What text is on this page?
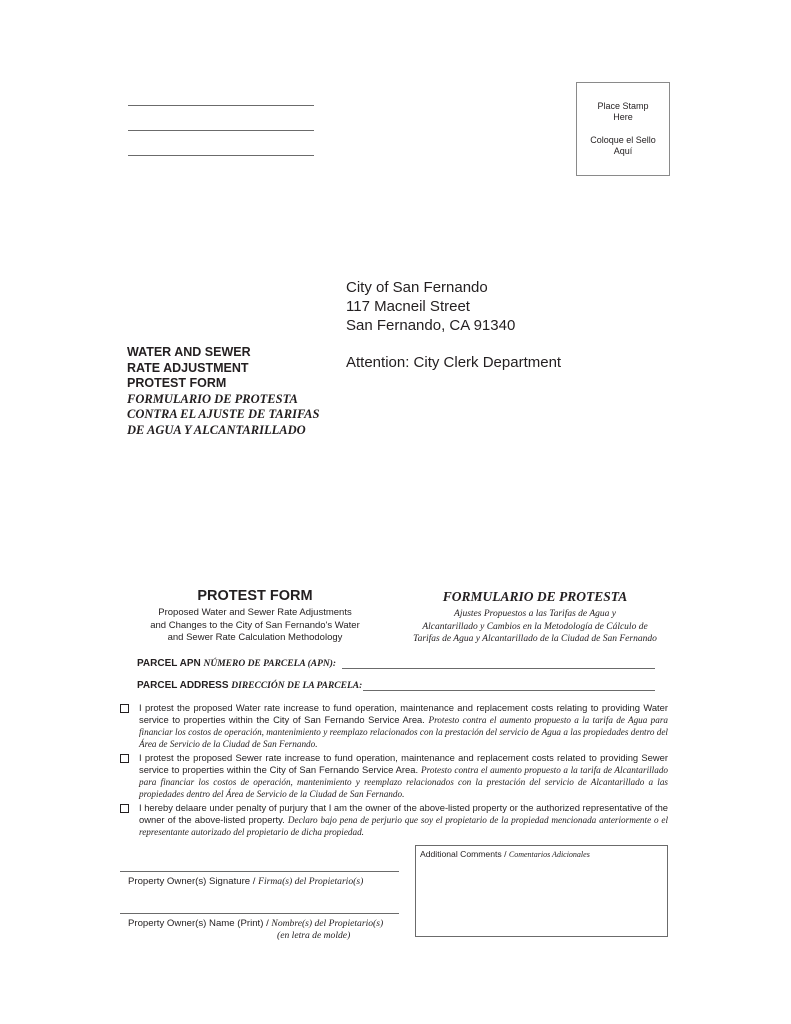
Place Stamp
Here
Coloque el Sello
Aquí
City of San Fernando
117 Macneil Street
San Fernando, CA 91340
Attention: City Clerk Department
WATER AND SEWER
RATE ADJUSTMENT
PROTEST FORM
FORMULARIO DE PROTESTA
CONTRA EL AJUSTE DE TARIFAS
DE AGUA Y ALCANTARILLADO
PROTEST FORM
Proposed Water and Sewer Rate Adjustments
and Changes to the City of San Fernando's Water
and Sewer Rate Calculation Methodology
FORMULARIO DE PROTESTA
Ajustes Propuestos a las Tarifas de Agua y
Alcantarillado y Cambios en la Metodología de Cálculo de
Tarifas de Agua y Alcantarillado de la Ciudad de San Fernando
PARCEL APN NÚMERO DE PARCELA (APN):
PARCEL ADDRESS DIRECCIÓN DE LA PARCELA:
I protest the proposed Water rate increase to fund operation, maintenance and replacement costs relating to providing Water service to properties within the City of San Fernando Service Area. Protesto contra el aumento propuesto a la tarifa de Agua para financiar los costos de operación, mantenimiento y reemplazo relacionados con la prestación del servicio de Agua a las propiedades dentro del Área de Servicio de la Ciudad de San Fernando.
I protest the proposed Sewer rate increase to fund operation, maintenance and replacement costs related to providing Sewer service to properties within the City of San Fernando Service Area. Protesto contra el aumento propuesto a la tarifa de Alcantarillado para financiar los costos de operación, mantenimiento y reemplazo relacionados con la prestación del servicio de Alcantarillado a las propiedades dentro del Área de Servicio de la Ciudad de San Fernando.
I hereby delaare under penalty of purjury that I am the owner of the above-listed property or the authorized representative of the owner of the above-listed property. Declaro bajo pena de perjurio que soy el propietario de la propiedad mencionada anteriormente o el representante autorizado del propietario de dicha propiedad.
Property Owner(s) Signature / Firma(s) del Propietario(s)
Property Owner(s) Name (Print) / Nombre(s) del Propietario(s)
(en letra de molde)
Additional Comments / Comentarios Adicionales
